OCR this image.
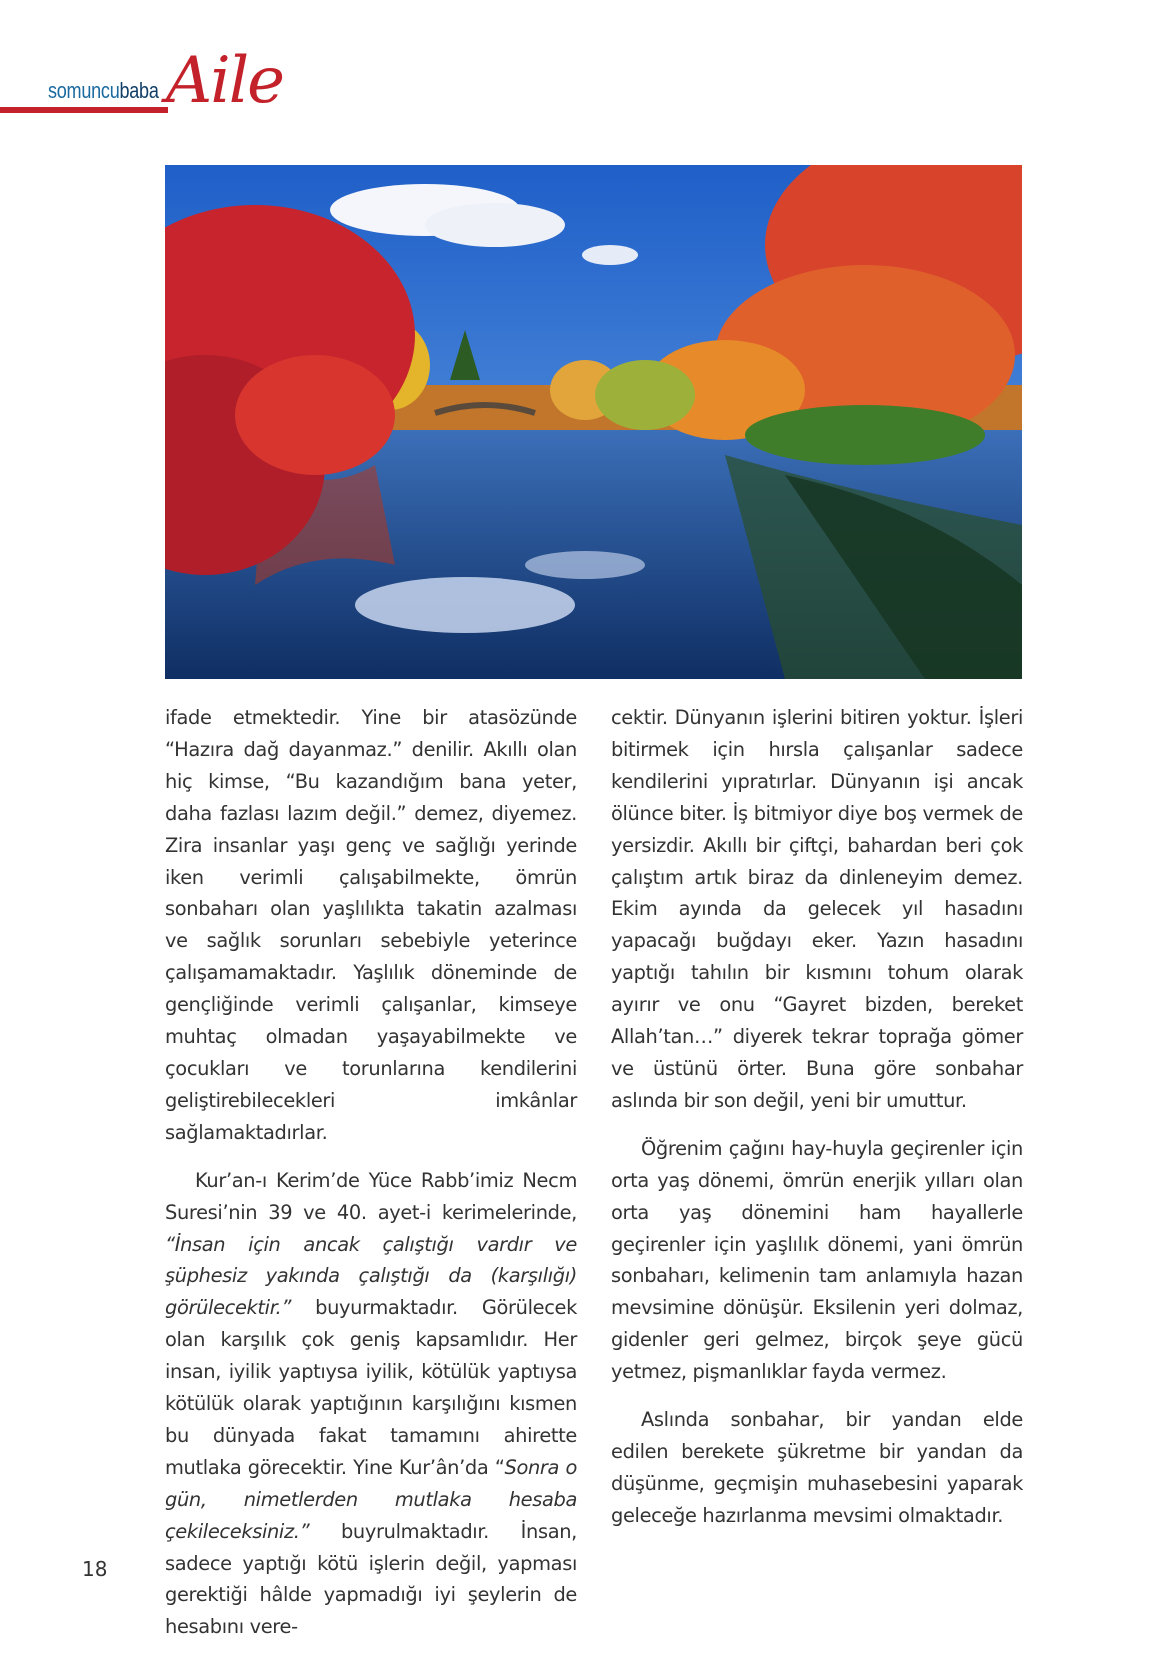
somuncubaba Aile

ifade etmektedir. Yine bir atasözünde “Hazıra dağ dayanmaz.” denilir. Akıllı olan hiç kimse, “Bu kazandığım bana yeter, daha fazlası lazım değil.” demez, diyemez. Zira insanlar yaşı genç ve sağlığı yerinde iken verimli çalışabilmekte, ömrün sonbaharı olan yaşlılıkta takatin azalması ve sağlık sorunları sebebiyle yeterince çalışamamaktadır. Yaşlılık döneminde de gençliğinde verimli çalışanlar, kimseye muhtaç olmadan yaşayabilmekte ve çocukları ve torunlarına kendilerini geliştirebilecekleri imkânlar sağlamaktadırlar.

Kur’an-ı Kerim’de Yüce Rabb’imiz Necm Suresi’nin 39 ve 40. ayet-i kerimelerinde, “İnsan için ancak çalıştığı vardır ve şüphesiz yakında çalıştığı da (karşılığı) görülecektir.” buyurmaktadır. Görülecek olan karşılık çok geniş kapsamlıdır. Her insan, iyilik yaptıysa iyilik, kötülük yaptıysa kötülük olarak yaptığının karşılığını kısmen bu dünyada fakat tamamını ahirette mutlaka görecektir. Yine Kur’ân’da “Sonra o gün, nimetlerden mutlaka hesaba çekileceksiniz.” buyrulmaktadır. İnsan, sadece yaptığı kötü işlerin değil, yapması gerektiği hâlde yapmadığı iyi şeylerin de hesabını vere-

cektir. Dünyanın işlerini bitiren yoktur. İşleri bitirmek için hırsla çalışanlar sadece kendilerini yıpratırlar. Dünyanın işi ancak ölünce biter. İş bitmiyor diye boş vermek de yersizdir. Akıllı bir çiftçi, bahardan beri çok çalıştım artık biraz da dinleneyim demez. Ekim ayında da gelecek yıl hasadını yapacağı buğdayı eker. Yazın hasadını yaptığı tahılın bir kısmını tohum olarak ayırır ve onu “Gayret bizden, bereket Allah’tan…” diyerek tekrar toprağa gömer ve üstünü örter. Buna göre sonbahar aslında bir son değil, yeni bir umuttur.

Öğrenim çağını hay-huyla geçirenler için orta yaş dönemi, ömrün enerjik yılları olan orta yaş dönemini ham hayallerle geçirenler için yaşlılık dönemi, yani ömrün sonbaharı, kelimenin tam anlamıyla hazan mevsimine dönüşür. Eksilenin yeri dolmaz, gidenler geri gelmez, birçok şeye gücü yetmez, pişmanlıklar fayda vermez.

Aslında sonbahar, bir yandan elde edilen berekete şükretme bir yandan da düşünme, geçmişin muhasebesini yaparak geleceğe hazırlanma mevsimi olmaktadır.

18
